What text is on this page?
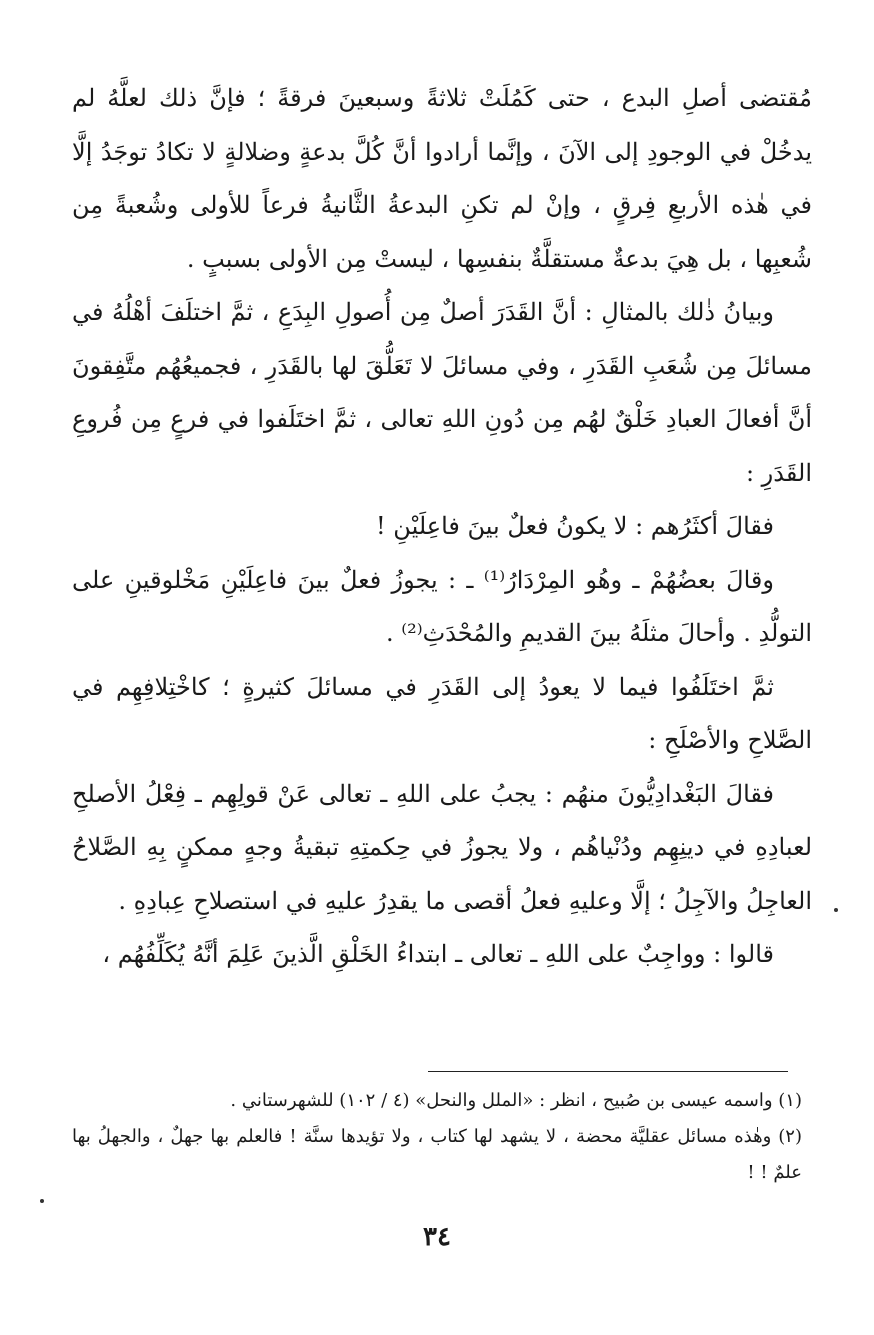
مُقتضى أصلِ البدع ، حتى كَمُلَتْ ثلاثةً وسبعينَ فرقةً ؛ فإنَّ ذلك لعلَّهُ لم يدخُلْ في الوجودِ إلى الآنَ ، وإنَّما أرادوا أنَّ كُلَّ بدعةٍ وضلالةٍ لا تكادُ توجَدُ إلَّا في هٰذه الأربعِ فِرقٍ ، وإنْ لم تكنِ البدعةُ الثَّانيةُ فرعاً للأولى وشُعبةً مِن شُعبِها ، بل هِيَ بدعةٌ مستقلَّةٌ بنفسِها ، ليستْ مِن الأولى بسببٍ .

وبيانُ ذٰلك بالمثالِ : أنَّ القَدَرَ أصلٌ مِن أُصولِ البِدَعِ ، ثمَّ اختلَفَ أهْلُهُ في مسائلَ مِن شُعَبِ القَدَرِ ، وفي مسائلَ لا تَعَلُّقَ لها بالقَدَرِ ، فجميعُهُم متَّفِقونَ أنَّ أفعالَ العبادِ خَلْقٌ لهُم مِن دُونِ اللهِ تعالى ، ثمَّ اختَلَفوا في فرعٍ مِن فُروعِ القَدَرِ :

فقالَ أكثَرُهم : لا يكونُ فعلٌ بينَ فاعِلَيْنِ !

وقالَ بعضُهُمْ ـ وهُو المِرْدَارُ⁽¹⁾ ـ : يجوزُ فعلٌ بينَ فاعِلَيْنِ مَخْلوقينِ على التولُّدِ . وأحالَ مثلَهُ بينَ القديمِ والمُحْدَثِ⁽²⁾ .

ثمَّ اختَلَفُوا فيما لا يعودُ إلى القَدَرِ في مسائلَ كثيرةٍ ؛ كاخْتِلافِهِم في الصَّلاحِ والأصْلَحِ :

فقالَ البَغْدادِيُّونَ منهُم : يجبُ على اللهِ ـ تعالى عَنْ قولِهِم ـ فِعْلُ الأصلحِ لعبادِهِ في دينِهِم ودُنْياهُم ، ولا يجوزُ في حِكمتِهِ تبقيةُ وجهٍ ممكنٍ بِهِ الصَّلاحُ العاجِلُ والآجِلُ ؛ إلَّا وعليهِ فعلُ أقصى ما يقدِرُ عليهِ في استصلاحِ عِبادِهِ .

قالوا : وواجِبٌ على اللهِ ـ تعالى ـ ابتداءُ الخَلْقِ الَّذينَ عَلِمَ أنَّهُ يُكَلِّفُهُم ،

(١) واسمه عيسى بن صُبيح ، انظر : «الملل والنحل» (٤ / ١٠٢) للشهرستاني .

(٢) وهٰذه مسائل عقليَّة محضة ، لا يشهد لها كتاب ، ولا تؤيدها سنَّة ! فالعلم بها جهلٌ ، والجهلُ بها علمٌ ! !

٣٤
